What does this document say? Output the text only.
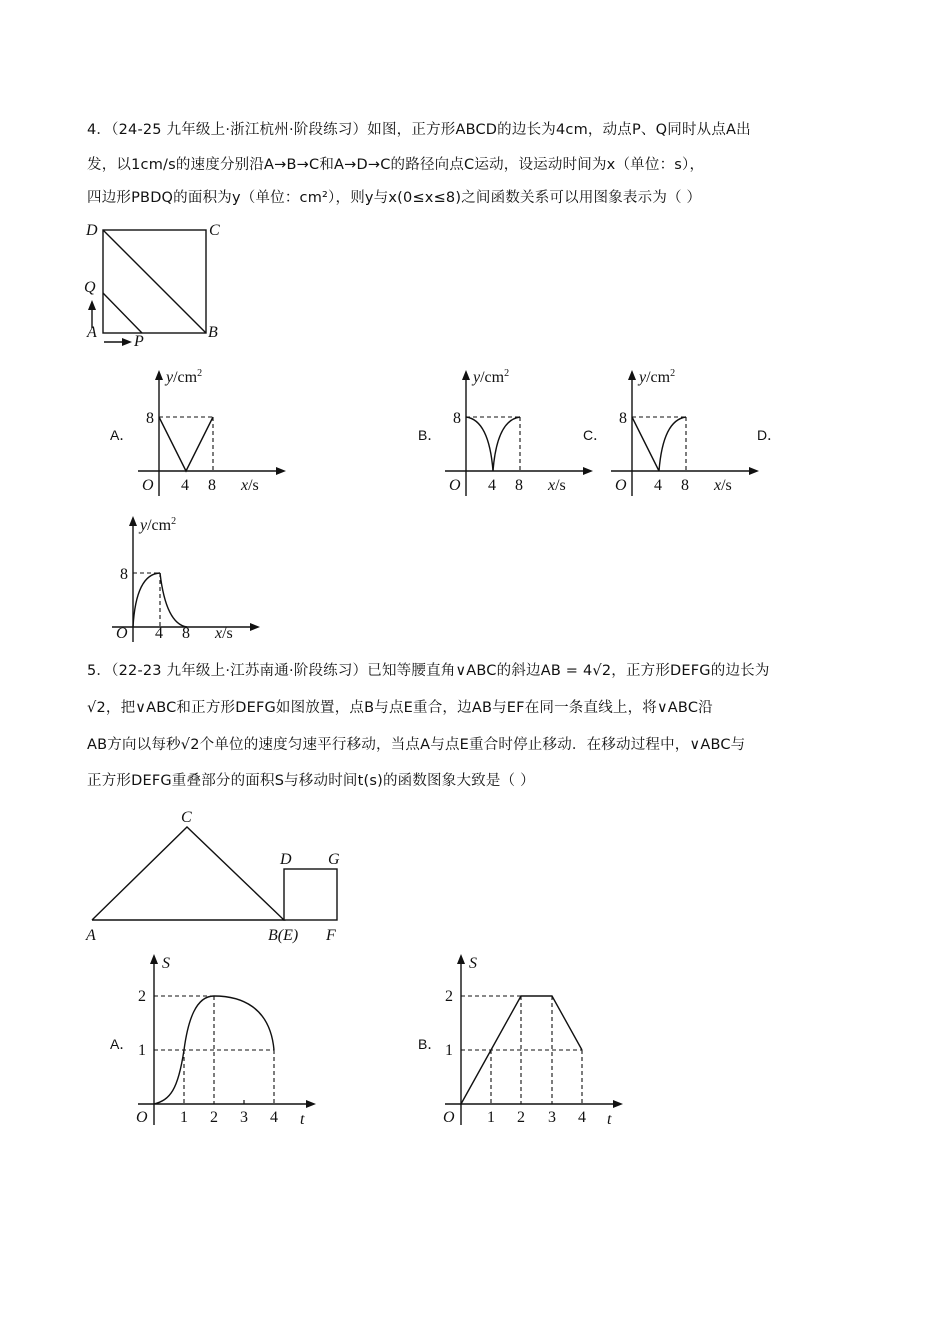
4．（24-25 九年级上·浙江杭州·阶段练习）如图，正方形ABCD的边长为4cm，动点P、Q同时从点A出
发，以1cm/s的速度分别沿A→B→C和A→D→C的路径向点C运动，设运动时间为x（单位：s），
四边形PBDQ的面积为y（单位：cm²），则y与x(0≤x≤8)之间函数关系可以用图象表示为（ ）
D	C
Q
A	B
P
A．	B．	C．	D．
$y/cm^2$
8
O 4 8 x/s
$y/cm^2$
8
O 4 8 x/s
$y/cm^2$
8
O 4 8 x/s
$y/cm^2$
8
O 4 8 x/s
5．（22-23 九年级上·江苏南通·阶段练习）已知等腰直角∨ABC的斜边AB = 4√2，正方形DEFG的边长为
√2，把∨ABC和正方形DEFG如图放置，点B与点E重合，边AB与EF在同一条直线上，将∨ABC沿
AB方向以每秒√2个单位的速度匀速平行移动，当点A与点E重合时停止移动．在移动过程中，∨ABC与
正方形DEFG重叠部分的面积S与移动时间t(s)的函数图象大致是（ ）
C
A	B(E) F
D G
A．	B．
S
2
1
O 1 2 3 4 t
S
2
1
O 1 2 3 4 t
